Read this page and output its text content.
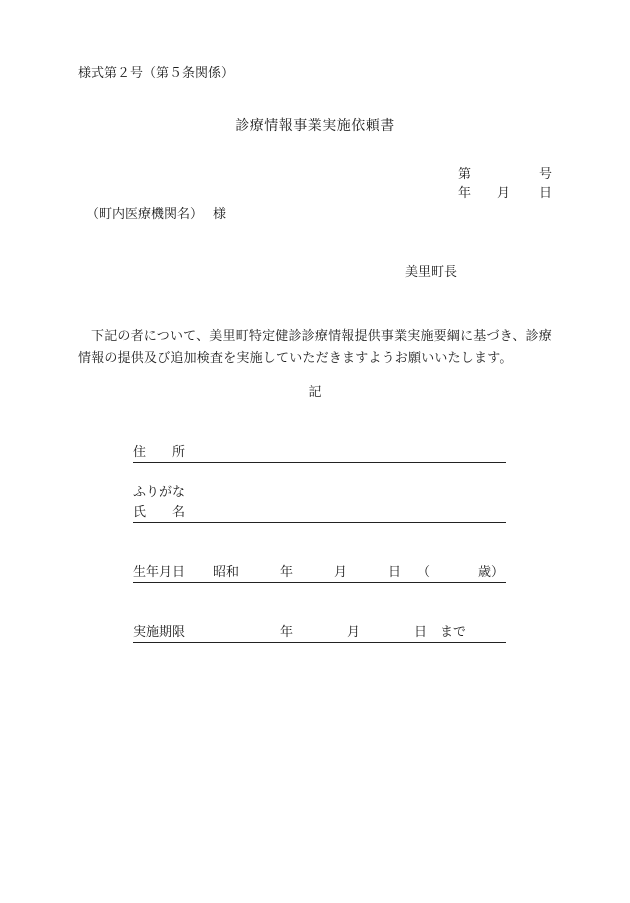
様式第２号（第５条関係）
診療情報事業実施依頼書
第	号
年 月 日
（町内医療機関名） 様
美里町長
下記の者について、美里町特定健診診療情報提供事業実施要綱に基づき、診療情報の提供及び追加検査を実施していただきますようお願いいたします。
記
住　　所
ふりがな
氏　　名
生年月日 昭和	年	月	日 （	歳）
実施期限	年	月	日 まで
